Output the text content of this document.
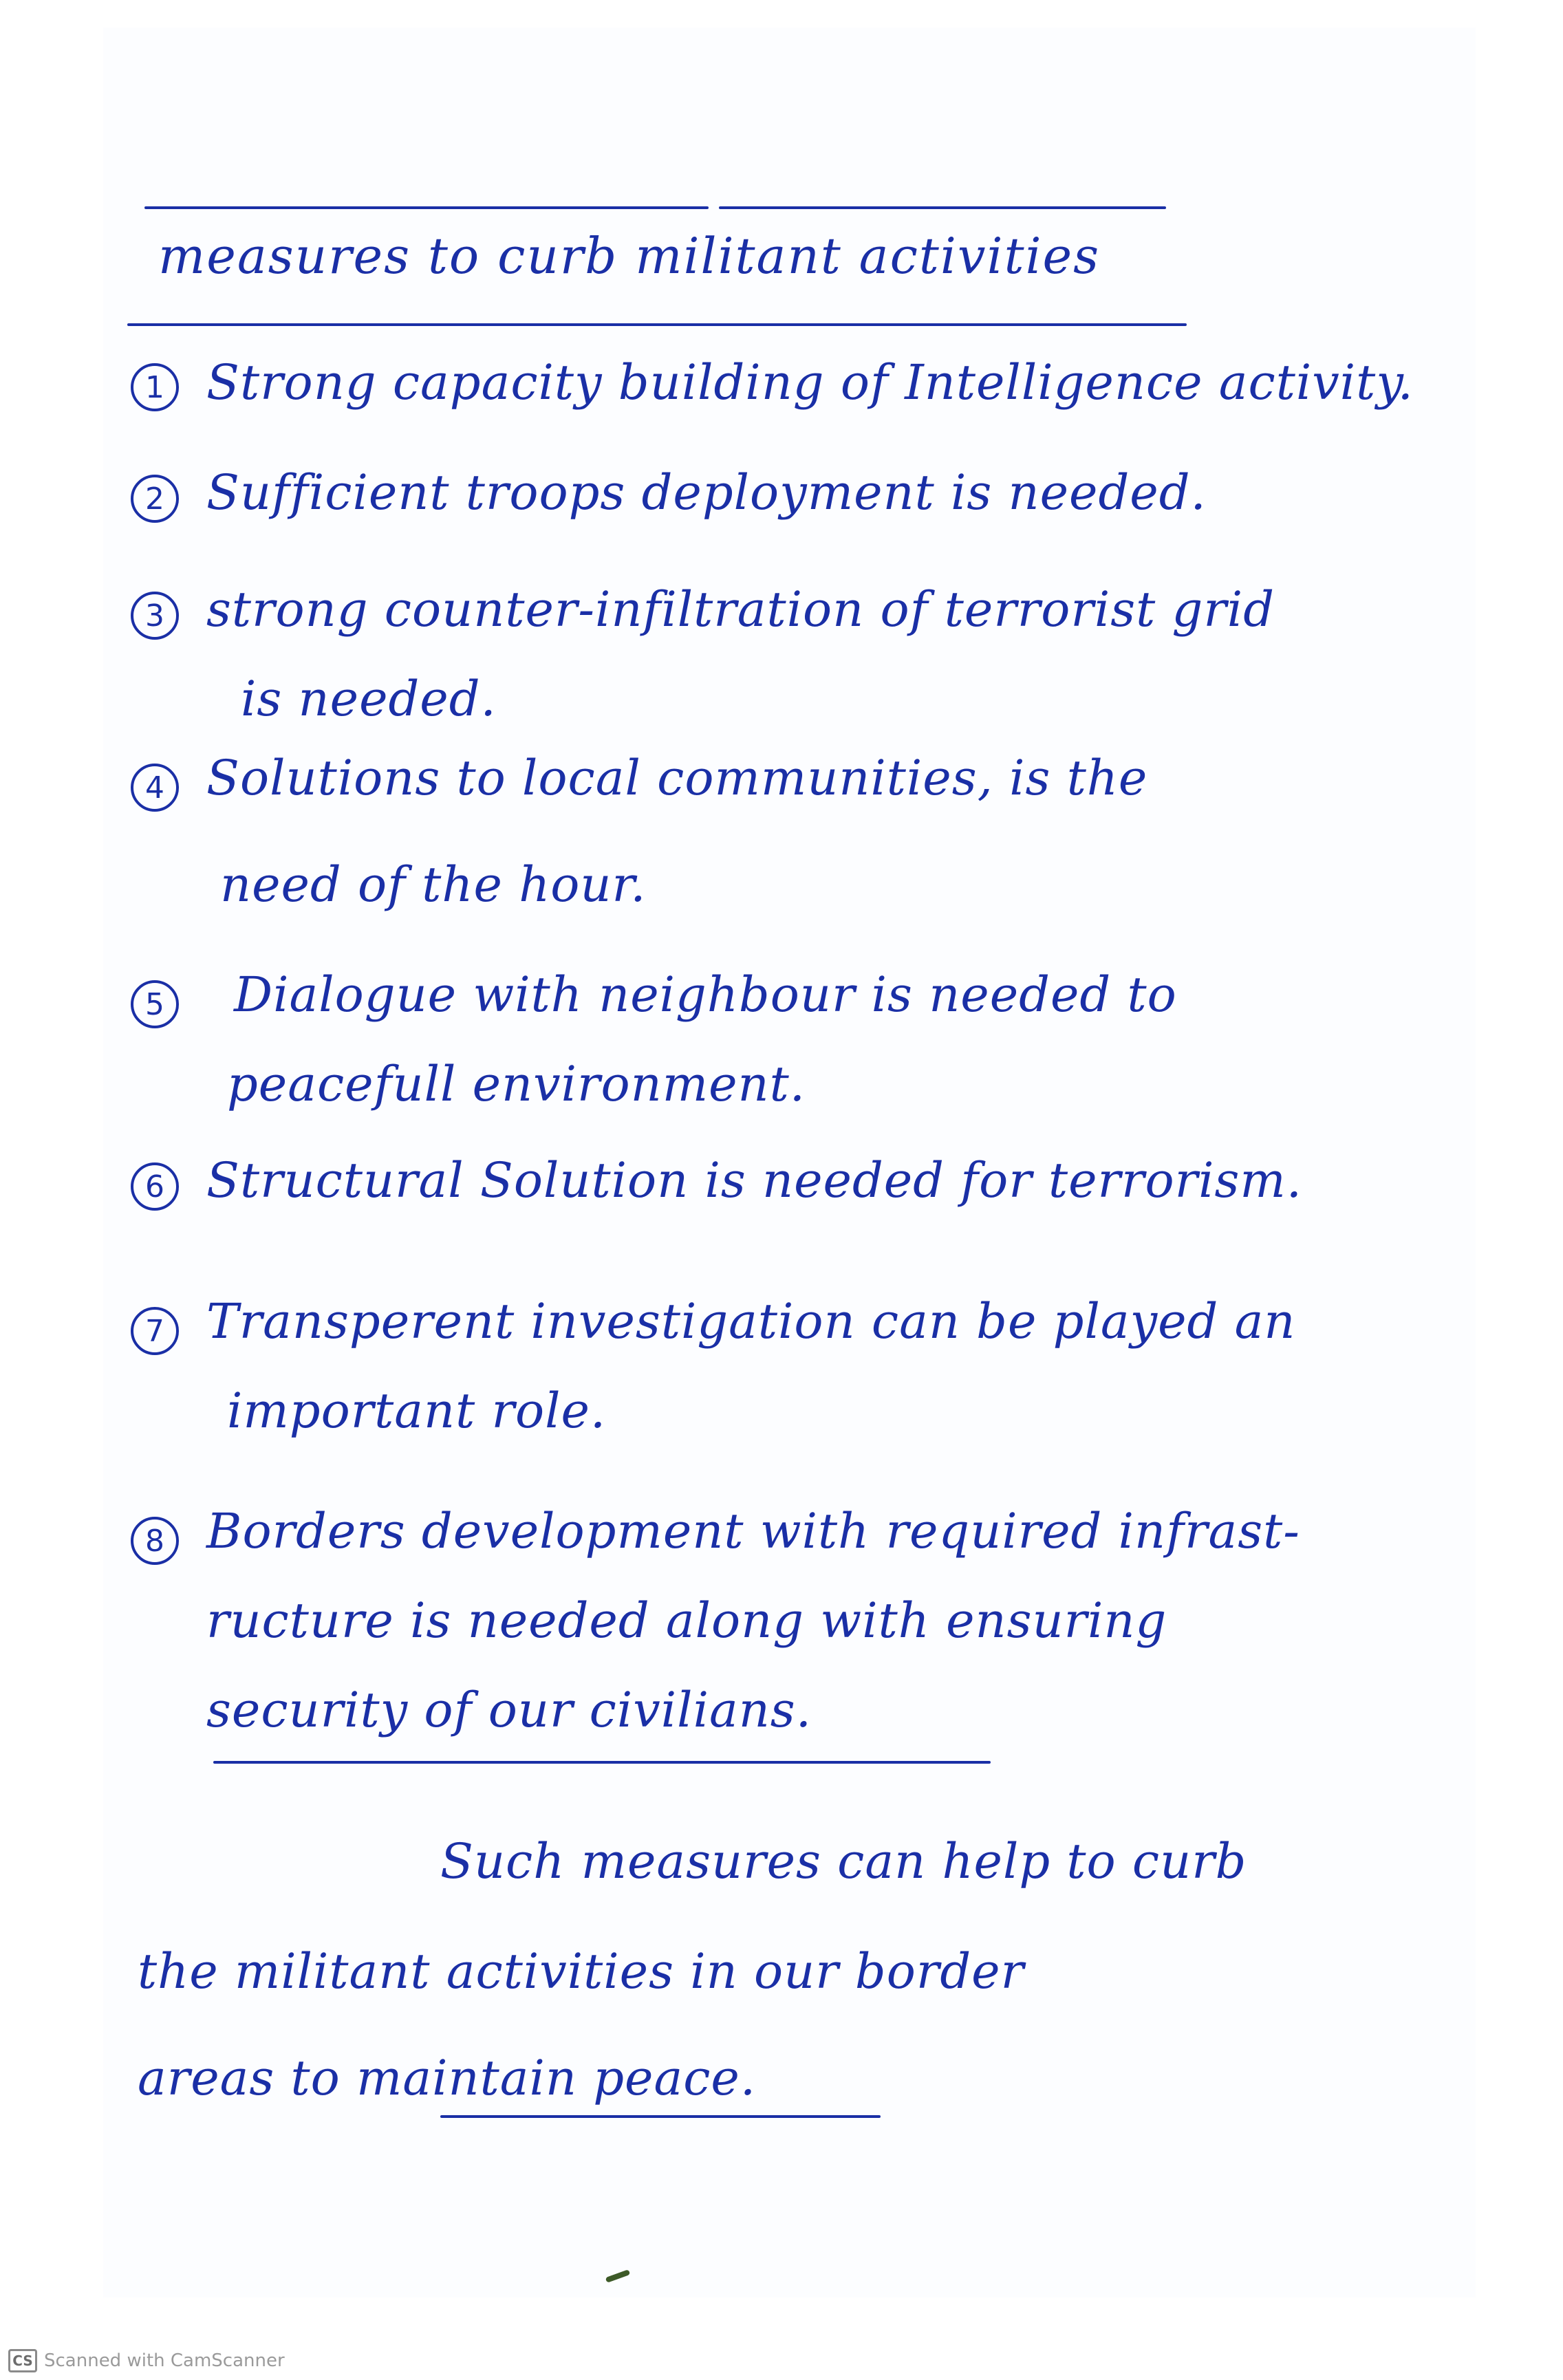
measures to curb militant activities
1 Strong capacity building of Intelligence activity.
2 Sufficient troops deployment is needed.
3 strong counter-infiltration of terrorist grid
is needed.
4 Solutions to local communities, is the
need of the hour.
5	Dialogue with neighbour is needed to
peacefull environment.
6 Structural Solution is needed for terrorism.
7 Transperent investigation can be played an
important role.
8 Borders development with required infrast-
ructure is needed along with ensuring
security of our civilians.
Such measures can help to curb
the militant activities in our border
areas to maintain peace.
CS Scanned with CamScanner
